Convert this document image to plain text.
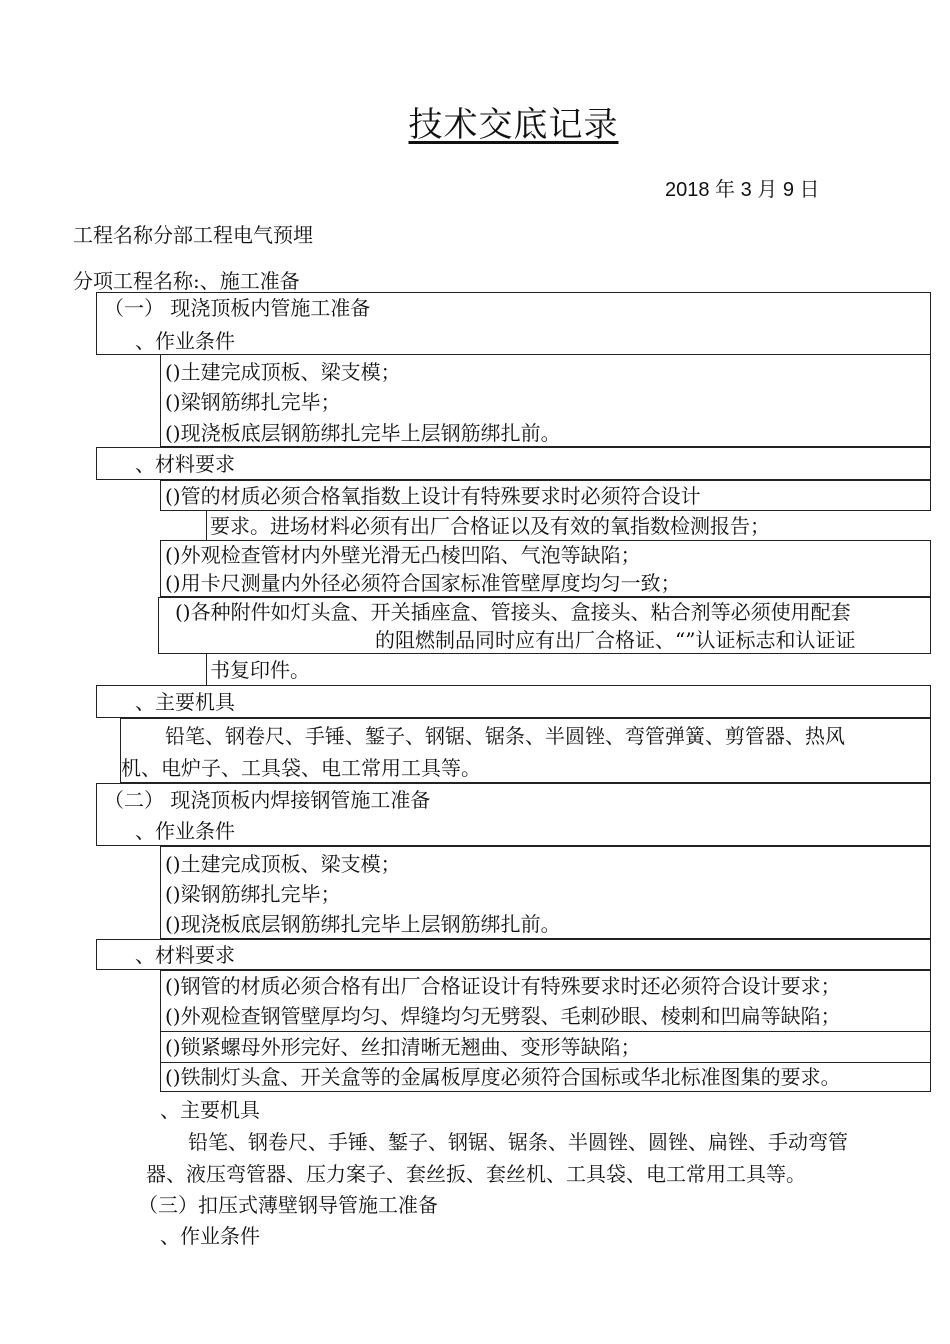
技术交底记录
2018 年 3 月 9 日
工程名称分部工程电气预埋
分项工程名称:、施工准备
（一） 现浇顶板内管施工准备
、作业条件
()土建完成顶板、梁支模；
()梁钢筋绑扎完毕；
()现浇板底层钢筋绑扎完毕上层钢筋绑扎前。
、材料要求
()管的材质必须合格氧指数上设计有特殊要求时必须符合设计
要求。进场材料必须有出厂合格证以及有效的氧指数检测报告；
()外观检查管材内外壁光滑无凸棱凹陷、气泡等缺陷；
()用卡尺测量内外径必须符合国家标准管壁厚度均匀一致；
()各种附件如灯头盒、开关插座盒、管接头、盒接头、粘合剂等必须使用配套
的阻燃制品同时应有出厂合格证、“”认证标志和认证证
书复印件。
、主要机具
铅笔、钢卷尺、手锤、錾子、钢锯、锯条、半圆锉、弯管弹簧、剪管器、热风
机、电炉子、工具袋、电工常用工具等。
（二） 现浇顶板内焊接钢管施工准备
、作业条件
()土建完成顶板、梁支模；
()梁钢筋绑扎完毕；
()现浇板底层钢筋绑扎完毕上层钢筋绑扎前。
、材料要求
()钢管的材质必须合格有出厂合格证设计有特殊要求时还必须符合设计要求；
()外观检查钢管壁厚均匀、焊缝均匀无劈裂、毛刺砂眼、棱刺和凹扁等缺陷；
()锁紧螺母外形完好、丝扣清晰无翘曲、变形等缺陷；
()铁制灯头盒、开关盒等的金属板厚度必须符合国标或华北标准图集的要求。
、主要机具
铅笔、钢卷尺、手锤、錾子、钢锯、锯条、半圆锉、圆锉、扁锉、手动弯管
器、液压弯管器、压力案子、套丝扳、套丝机、工具袋、电工常用工具等。
（三）扣压式薄壁钢导管施工准备
、作业条件
